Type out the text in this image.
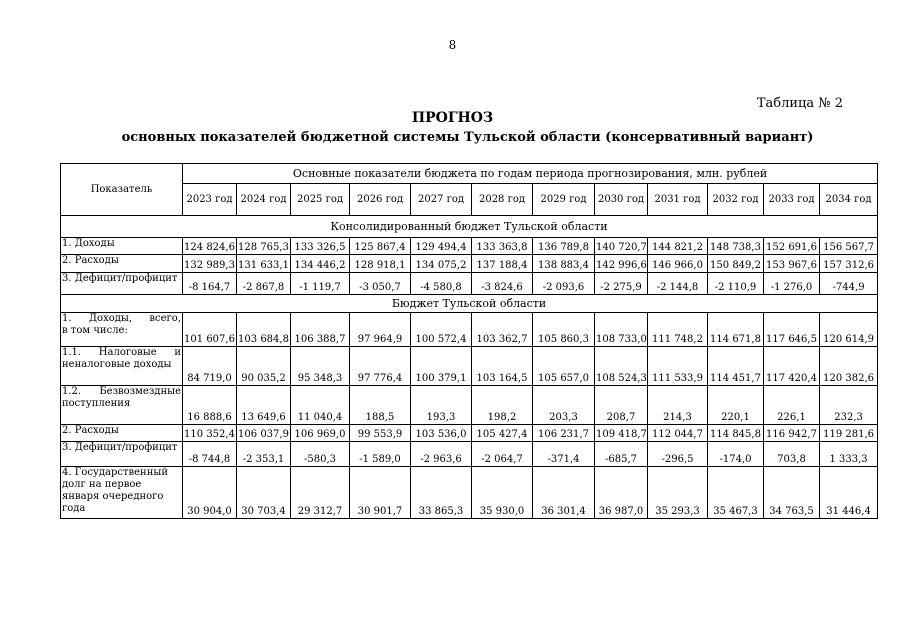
8
Таблица № 2
ПРОГНОЗ
основных показателей бюджетной системы Тульской области (консервативный вариант)
Показатель	Основные показатели бюджета по годам периода прогнозирования, млн. рублей											
	2023 год	2024 год	2025 год	2026 год	2027 год	2028 год	2029 год	2030 год	2031 год	2032 год	2033 год	2034 год
Консолидированный бюджет Тульской области												
1. Доходы	124 824,6	128 765,3	133 326,5	125 867,4	129 494,4	133 363,8	136 789,8	140 720,7	144 821,2	148 738,3	152 691,6	156 567,7
2. Расходы	132 989,3	131 633,1	134 446,2	128 918,1	134 075,2	137 188,4	138 883,4	142 996,6	146 966,0	150 849,2	153 967,6	157 312,6
3. Дефицит/профицит	-8 164,7	-2 867,8	-1 119,7	-3 050,7	-4 580,8	-3 824,6	-2 093,6	-2 275,9	-2 144,8	-2 110,9	-1 276,0	-744,9
Бюджет Тульской области												

1. Доходы, всего,
в том числе:	101 607,6	103 684,8	106 388,7	97 964,9	100 572,4	103 362,7	105 860,3	108 733,0	111 748,2	114 671,8	117 646,5	120 614,9

1.1. Налоговые и
неналоговые доходы	84 719,0	90 035,2	95 348,3	97 776,4	100 379,1	103 164,5	105 657,0	108 524,3	111 533,9	114 451,7	117 420,4	120 382,6

1.2. Безвозмездные
поступления	16 888,6	13 649,6	11 040,4	188,5	193,3	198,2	203,3	208,7	214,3	220,1	226,1	232,3
2. Расходы	110 352,4	106 037,9	106 969,0	99 553,9	103 536,0	105 427,4	106 231,7	109 418,7	112 044,7	114 845,8	116 942,7	119 281,6
3. Дефицит/профицит	-8 744,8	-2 353,1	-580,3	-1 589,0	-2 963,6	-2 064,7	-371,4	-685,7	-296,5	-174,0	703,8	1 333,3

4. Государственный
долг на первое
января очередного
года	30 904,0	30 703,4	29 312,7	30 901,7	33 865,3	35 930,0	36 301,4	36 987,0	35 293,3	35 467,3	34 763,5	31 446,4
